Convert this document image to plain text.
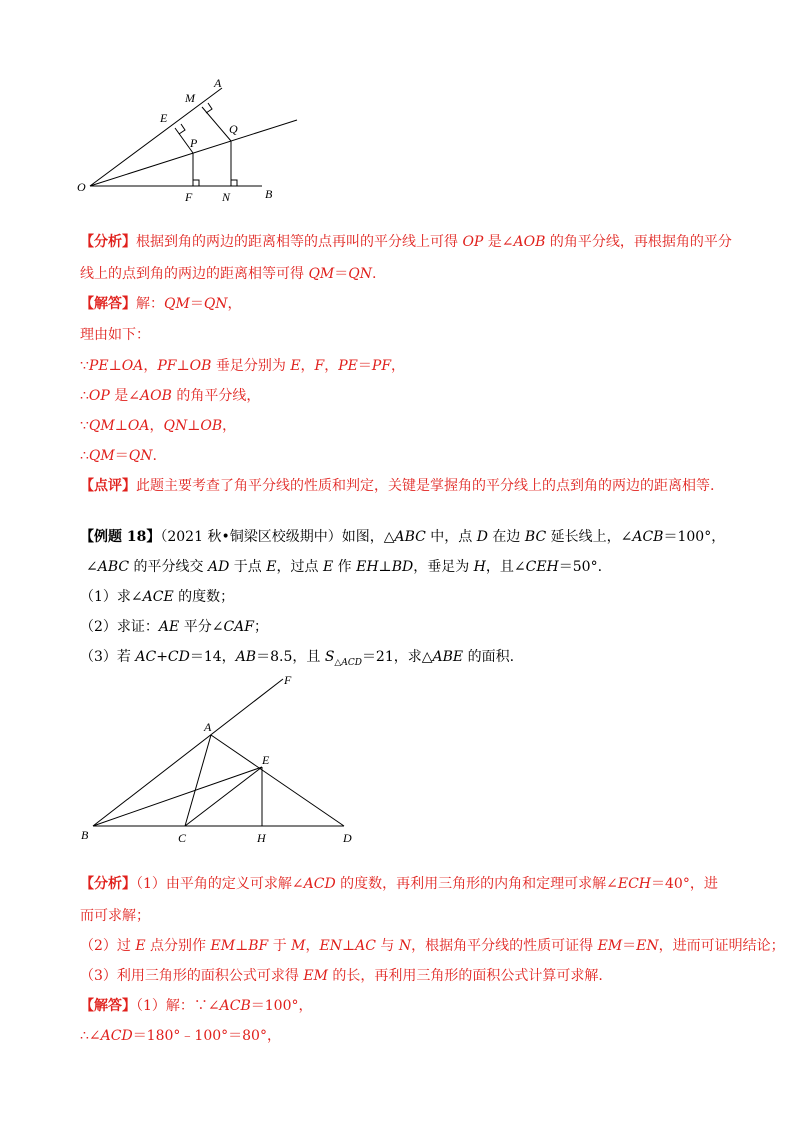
A
M
E
P
Q
O
F N	B
【分析】根据到角的两边的距离相等的点再叫的平分线上可得 OP 是∠AOB 的角平分线，再根据角的平分
线上的点到角的两边的距离相等可得 QM＝QN.
【解答】解：QM＝QN，
理由如下：
∵PE⊥OA，PF⊥OB 垂足分别为 E，F，PE＝PF，
∴OP 是∠AOB 的角平分线，
∵QM⊥OA，QN⊥OB，
∴QM＝QN.
【点评】此题主要考查了角平分线的性质和判定，关键是掌握角的平分线上的点到角的两边的距离相等.
【例题 18】（2021 秋•铜梁区校级期中）如图，△ABC 中，点 D 在边 BC 延长线上，∠ACB＝100°，
∠ABC 的平分线交 AD 于点 E，过点 E 作 EH⊥BD，垂足为 H，且∠CEH＝50°.
（1）求∠ACE 的度数；
（2）求证：AE 平分∠CAF；
（3）若 AC+CD＝14，AB＝8.5，且 $S_{\triangle ACD}=21$，求△ABE 的面积.
F
A
E
B	C	H	D
【分析】（1）由平角的定义可求解∠ACD 的度数，再利用三角形的内角和定理可求解∠ECH＝40°，进
而可求解；
（2）过 E 点分别作 EM⊥BF 于 M，EN⊥AC 与 N，根据角平分线的性质可证得 EM＝EN，进而可证明结论；
（3）利用三角形的面积公式可求得 EM 的长，再利用三角形的面积公式计算可求解.
【解答】（1）解：∵∠ACB＝100°，
∴∠ACD＝180°﹣100°＝80°，
